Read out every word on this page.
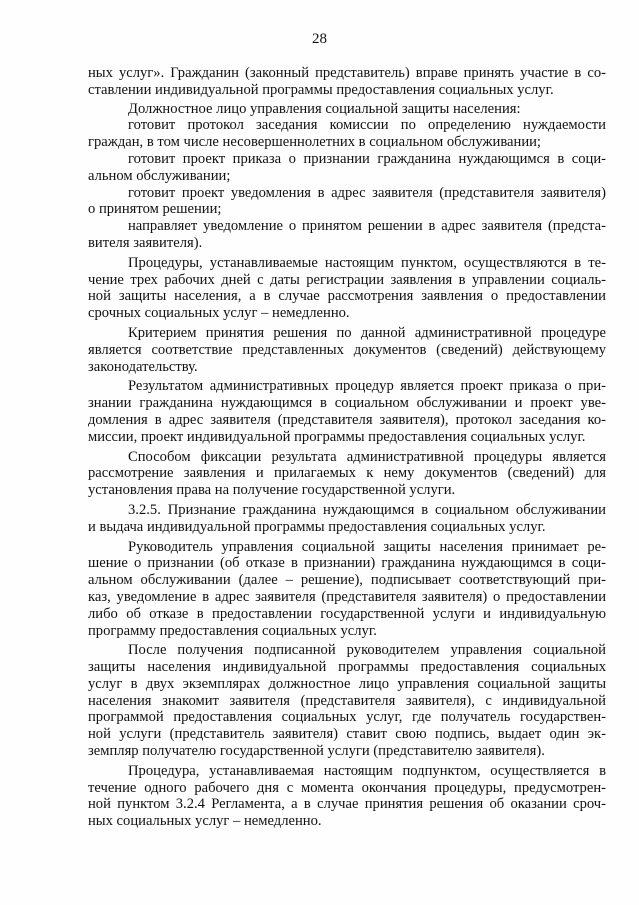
28
ных услуг». Гражданин (законный представитель) вправе принять участие в со-
ставлении индивидуальной программы предоставления социальных услуг.
Должностное лицо управления социальной защиты населения:
готовит протокол заседания комиссии по определению нуждаемости
граждан, в том числе несовершеннолетних в социальном обслуживании;
готовит проект приказа о признании гражданина нуждающимся в соци-
альном обслуживании;
готовит проект уведомления в адрес заявителя (представителя заявителя)
о принятом решении;
направляет уведомление о принятом решении в адрес заявителя (предста-
вителя заявителя).
Процедуры, устанавливаемые настоящим пунктом, осуществляются в те-
чение трех рабочих дней с даты регистрации заявления в управлении социаль-
ной защиты населения, а в случае рассмотрения заявления о предоставлении
срочных социальных услуг – немедленно.
Критерием принятия решения по данной административной процедуре
является соответствие представленных документов (сведений) действующему
законодательству.
Результатом административных процедур является проект приказа о при-
знании гражданина нуждающимся в социальном обслуживании и проект уве-
домления в адрес заявителя (представителя заявителя), протокол заседания ко-
миссии, проект индивидуальной программы предоставления социальных услуг.
Способом фиксации результата административной процедуры является
рассмотрение заявления и прилагаемых к нему документов (сведений) для
установления права на получение государственной услуги.
3.2.5. Признание гражданина нуждающимся в социальном обслуживании
и выдача индивидуальной программы предоставления социальных услуг.
Руководитель управления социальной защиты населения принимает ре-
шение о признании (об отказе в признании) гражданина нуждающимся в соци-
альном обслуживании (далее – решение), подписывает соответствующий при-
каз, уведомление в адрес заявителя (представителя заявителя) о предоставлении
либо об отказе в предоставлении государственной услуги и индивидуальную
программу предоставления социальных услуг.
После получения подписанной руководителем управления социальной
защиты населения индивидуальной программы предоставления социальных
услуг в двух экземплярах должностное лицо управления социальной защиты
населения знакомит заявителя (представителя заявителя), с индивидуальной
программой предоставления социальных услуг, где получатель государствен-
ной услуги (представитель заявителя) ставит свою подпись, выдает один эк-
земпляр получателю государственной услуги (представителю заявителя).
Процедура, устанавливаемая настоящим подпунктом, осуществляется в
течение одного рабочего дня с момента окончания процедуры, предусмотрен-
ной пунктом 3.2.4 Регламента, а в случае принятия решения об оказании сроч-
ных социальных услуг – немедленно.
